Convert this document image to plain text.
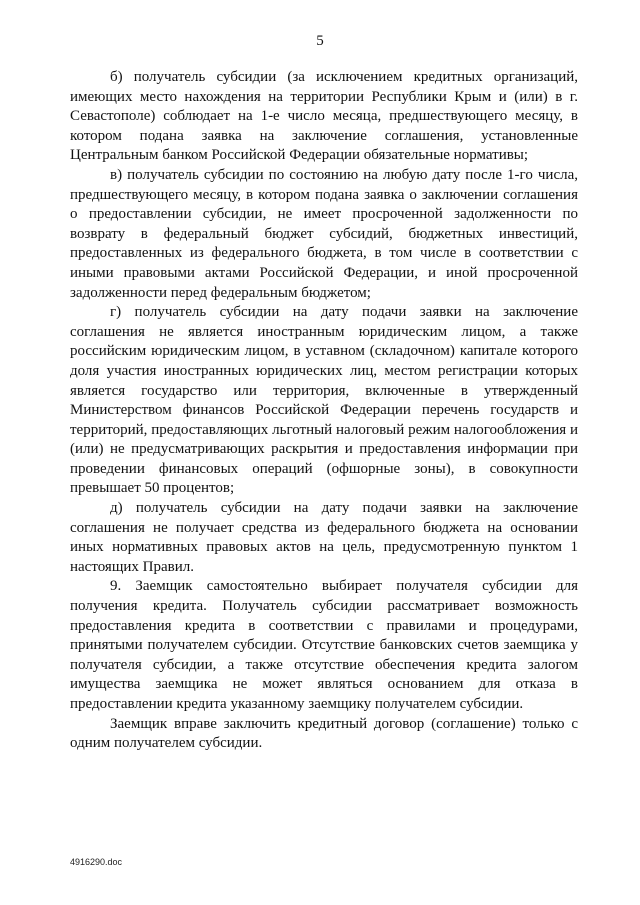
5

б) получатель субсидии (за исключением кредитных организаций, имеющих место нахождения на территории Республики Крым и (или) в г. Севастополе) соблюдает на 1-е число месяца, предшествующего месяцу, в котором подана заявка на заключение соглашения, установленные Центральным банком Российской Федерации обязательные нормативы;

в) получатель субсидии по состоянию на любую дату после 1-го числа, предшествующего месяцу, в котором подана заявка о заключении соглашения о предоставлении субсидии, не имеет просроченной задолженности по возврату в федеральный бюджет субсидий, бюджетных инвестиций, предоставленных из федерального бюджета, в том числе в соответствии с иными правовыми актами Российской Федерации, и иной просроченной задолженности перед федеральным бюджетом;

г) получатель субсидии на дату подачи заявки на заключение соглашения не является иностранным юридическим лицом, а также российским юридическим лицом, в уставном (складочном) капитале которого доля участия иностранных юридических лиц, местом регистрации которых является государство или территория, включенные в утвержденный Министерством финансов Российской Федерации перечень государств и территорий, предоставляющих льготный налоговый режим налогообложения и (или) не предусматривающих раскрытия и предоставления информации при проведении финансовых операций (офшорные зоны), в совокупности превышает 50 процентов;

д) получатель субсидии на дату подачи заявки на заключение соглашения не получает средства из федерального бюджета на основании иных нормативных правовых актов на цель, предусмотренную пунктом 1 настоящих Правил.

9. Заемщик самостоятельно выбирает получателя субсидии для получения кредита. Получатель субсидии рассматривает возможность предоставления кредита в соответствии с правилами и процедурами, принятыми получателем субсидии. Отсутствие банковских счетов заемщика у получателя субсидии, а также отсутствие обеспечения кредита залогом имущества заемщика не может являться основанием для отказа в предоставлении кредита указанному заемщику получателем субсидии.

Заемщик вправе заключить кредитный договор (соглашение) только с одним получателем субсидии.

4916290.doc
